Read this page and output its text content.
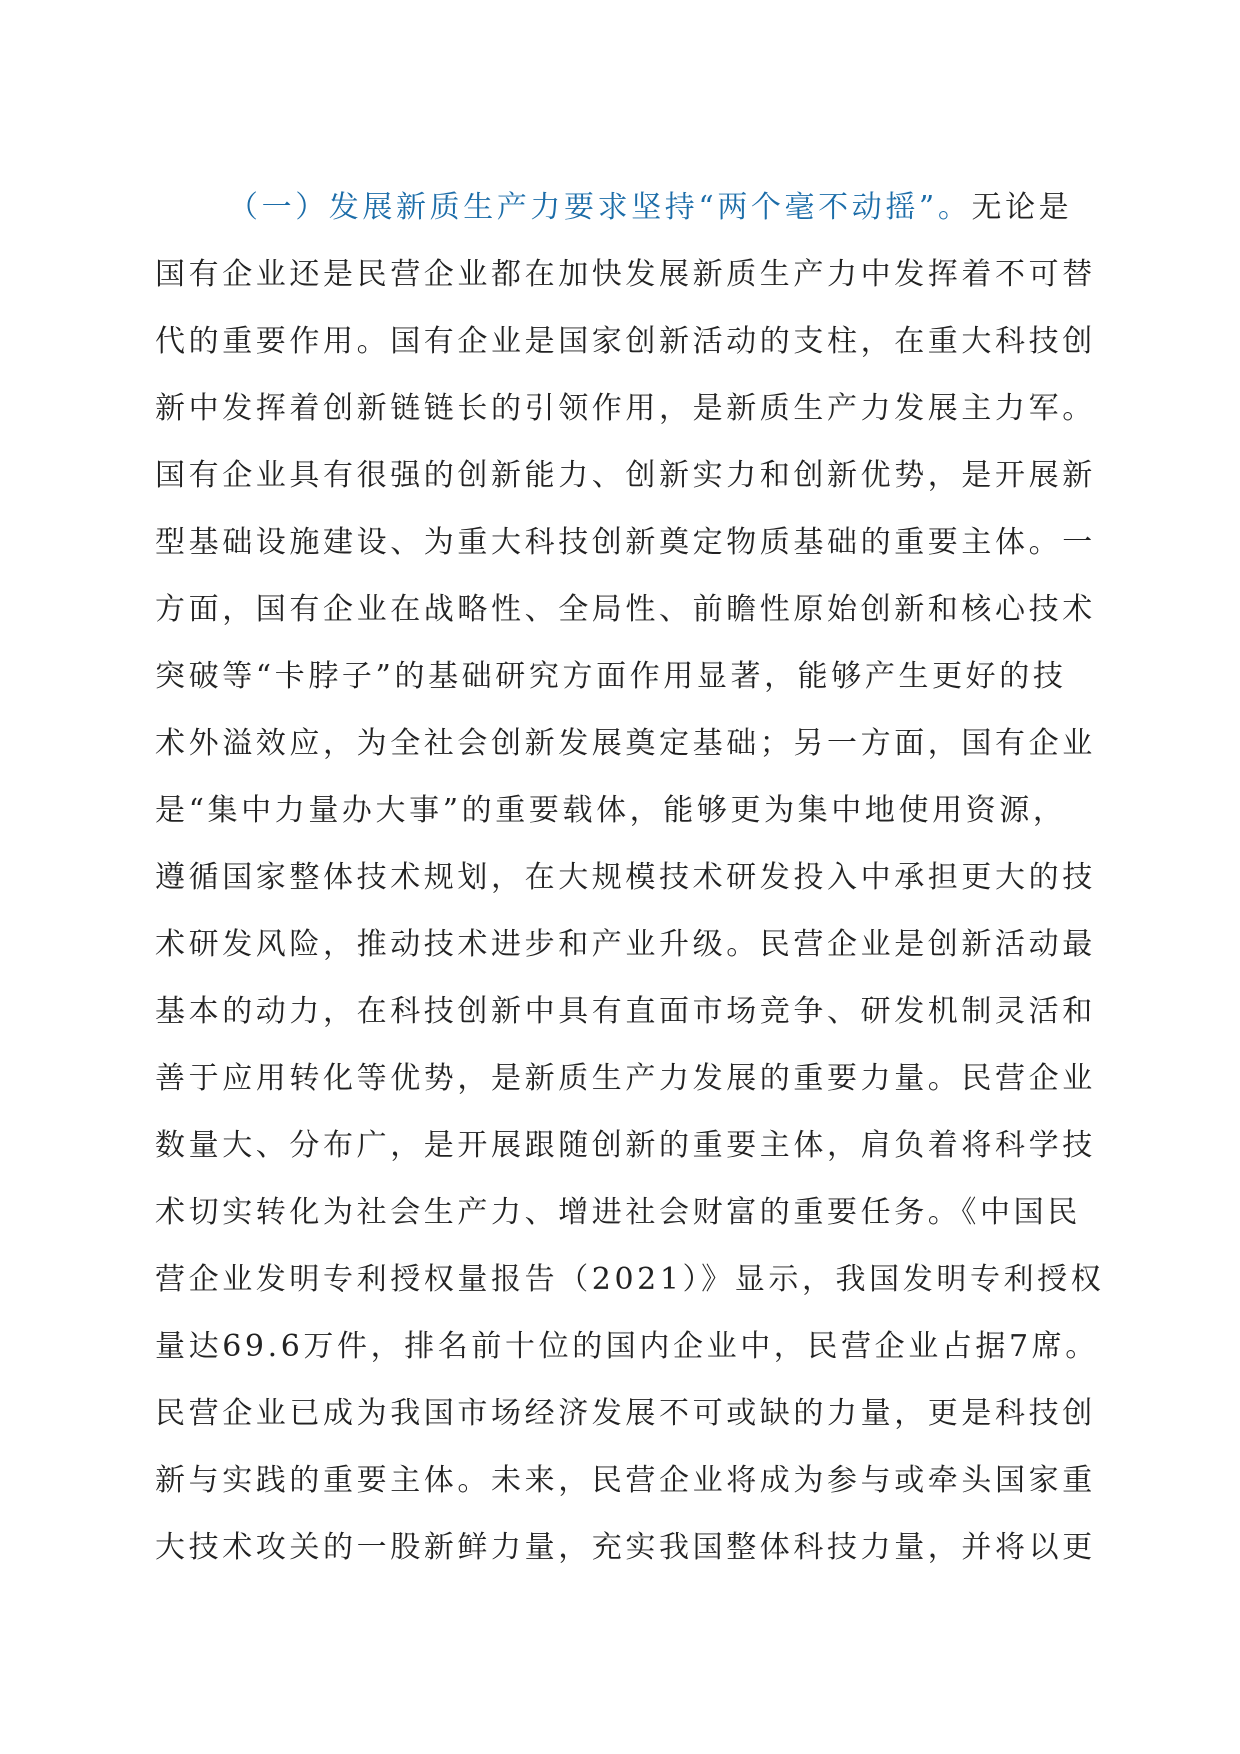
（一）发展新质生产力要求坚持“两个毫不动摇”。无论是
国有企业还是民营企业都在加快发展新质生产力中发挥着不可替
代的重要作用。国有企业是国家创新活动的支柱，在重大科技创
新中发挥着创新链链长的引领作用，是新质生产力发展主力军。
国有企业具有很强的创新能力、创新实力和创新优势，是开展新
型基础设施建设、为重大科技创新奠定物质基础的重要主体。一
方面，国有企业在战略性、全局性、前瞻性原始创新和核心技术
突破等“卡脖子”的基础研究方面作用显著，能够产生更好的技
术外溢效应，为全社会创新发展奠定基础；另一方面，国有企业
是“集中力量办大事”的重要载体，能够更为集中地使用资源，
遵循国家整体技术规划，在大规模技术研发投入中承担更大的技
术研发风险，推动技术进步和产业升级。民营企业是创新活动最
基本的动力，在科技创新中具有直面市场竞争、研发机制灵活和
善于应用转化等优势，是新质生产力发展的重要力量。民营企业
数量大、分布广，是开展跟随创新的重要主体，肩负着将科学技
术切实转化为社会生产力、增进社会财富的重要任务。《中国民
营企业发明专利授权量报告（2021）》显示，我国发明专利授权
量达69.6万件，排名前十位的国内企业中，民营企业占据7席。
民营企业已成为我国市场经济发展不可或缺的力量，更是科技创
新与实践的重要主体。未来，民营企业将成为参与或牵头国家重
大技术攻关的一股新鲜力量，充实我国整体科技力量，并将以更
